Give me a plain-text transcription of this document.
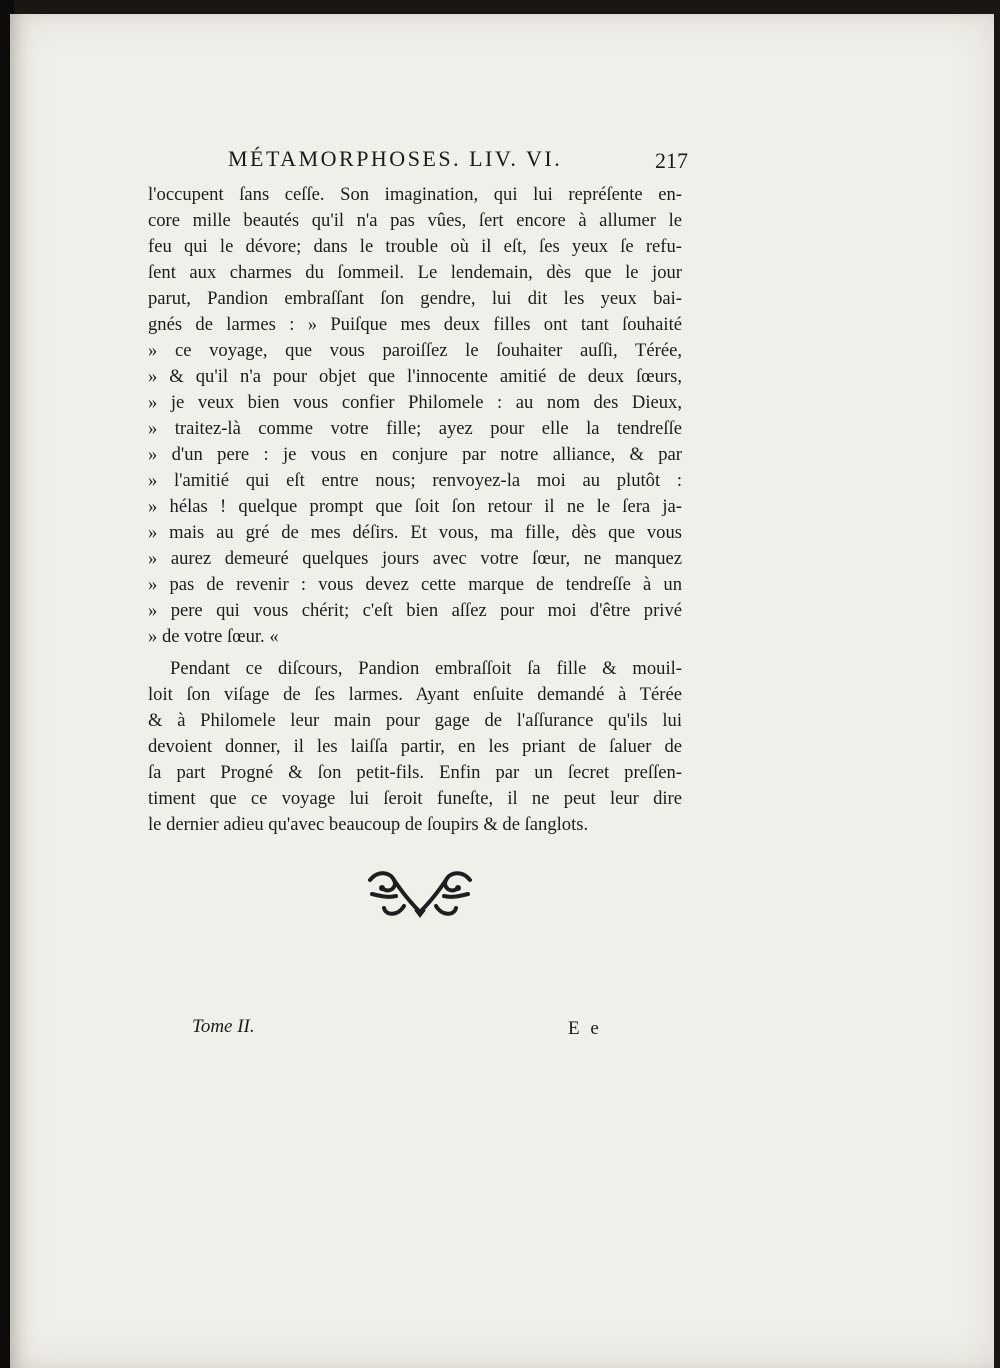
MÉTAMORPHOSES. LIV. VI.	217
l'occupent ſans ceſſe. Son imagination, qui lui repréſente en-
core mille beautés qu'il n'a pas vûes, ſert encore à allumer le
feu qui le dévore; dans le trouble où il eſt, ſes yeux ſe refu-
ſent aux charmes du ſommeil. Le lendemain, dès que le jour
parut, Pandion embraſſant ſon gendre, lui dit les yeux bai-
gnés de larmes : » Puiſque mes deux filles ont tant ſouhaité
» ce voyage, que vous paroiſſez le ſouhaiter auſſi, Térée,
» & qu'il n'a pour objet que l'innocente amitié de deux ſœurs,
» je veux bien vous confier Philomele : au nom des Dieux,
» traitez-là comme votre fille; ayez pour elle la tendreſſe
» d'un pere : je vous en conjure par notre alliance, & par
» l'amitié qui eſt entre nous; renvoyez-la moi au plutôt :
» hélas ! quelque prompt que ſoit ſon retour il ne le ſera ja-
» mais au gré de mes déſirs. Et vous, ma fille, dès que vous
» aurez demeuré quelques jours avec votre ſœur, ne manquez
» pas de revenir : vous devez cette marque de tendreſſe à un
» pere qui vous chérit; c'eſt bien aſſez pour moi d'être privé
» de votre ſœur. «
Pendant ce diſcours, Pandion embraſſoit ſa fille & mouil-
loit ſon viſage de ſes larmes. Ayant enſuite demandé à Térée
& à Philomele leur main pour gage de l'aſſurance qu'ils lui
devoient donner, il les laiſſa partir, en les priant de ſaluer de
ſa part Progné & ſon petit-fils. Enfin par un ſecret preſſen-
timent que ce voyage lui ſeroit funeſte, il ne peut leur dire
le dernier adieu qu'avec beaucoup de ſoupirs & de ſanglots.
Tome II.	E e
